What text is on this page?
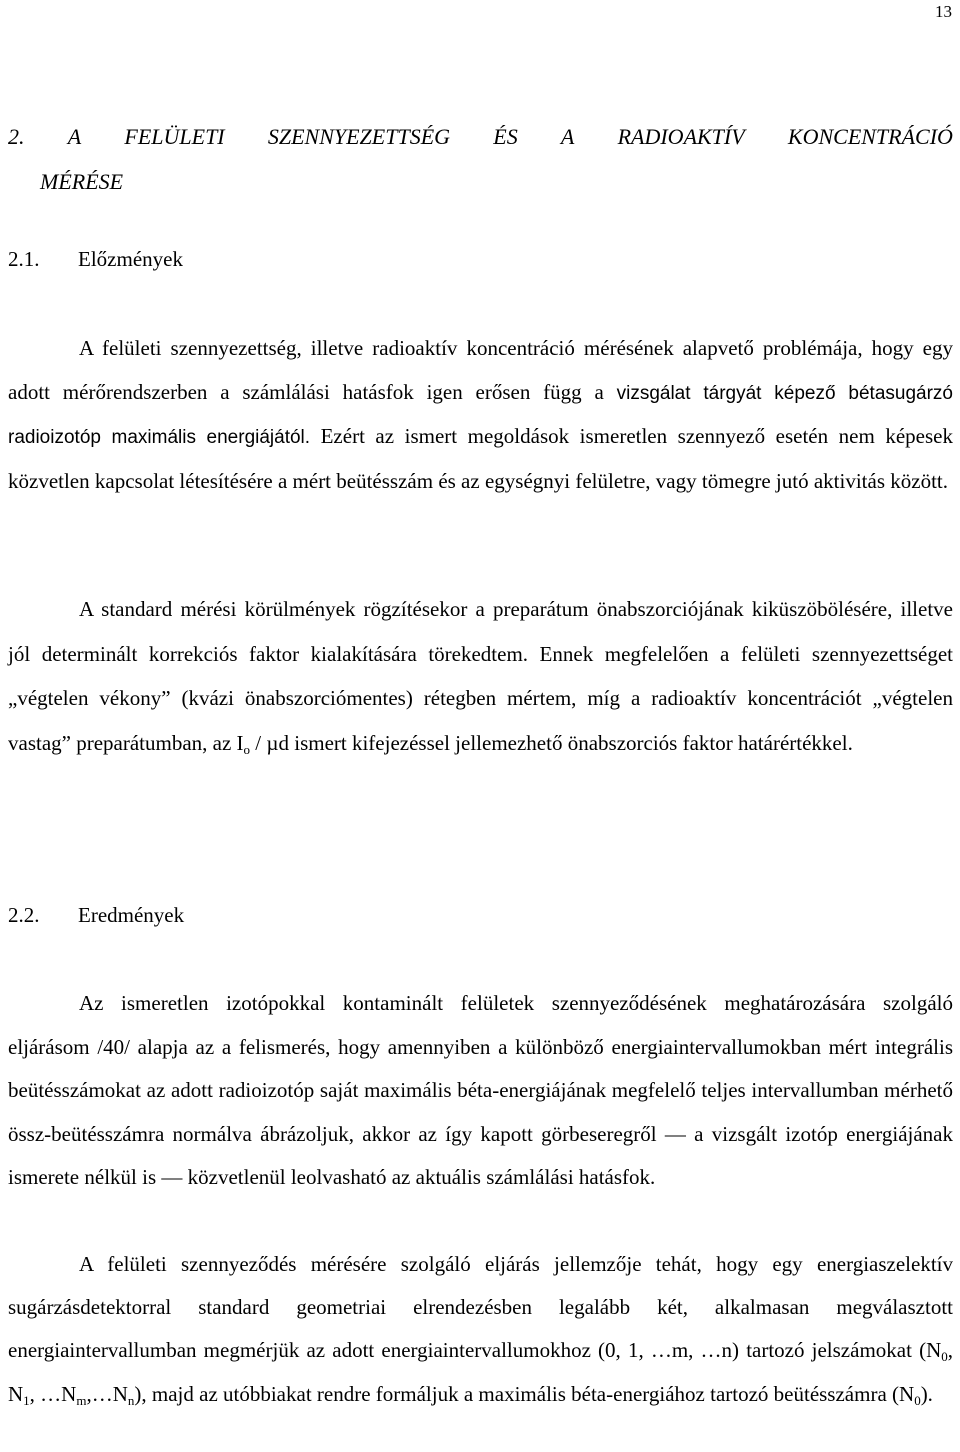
13
2. A FELÜLETI SZENNYEZETTSÉG ÉS A RADIOAKTÍV KONCENTRÁCIÓ
MÉRÉSE
2.1. Előzmények
A felületi szennyezettség, illetve radioaktív koncentráció mérésének alapvető problémája, hogy egy adott mérőrendszerben a számlálási hatásfok igen erősen függ a vizsgálat tárgyát képező bétasugárzó radioizotóp maximális energiájától. Ezért az ismert megoldások ismeretlen szennyező esetén nem képesek közvetlen kapcsolat létesítésére a mért beütésszám és az egységnyi felületre, vagy tömegre jutó aktivitás között.
A standard mérési körülmények rögzítésekor a preparátum önabszorciójának kiküszöbölésére, illetve jól determinált korrekciós faktor kialakítására törekedtem. Ennek megfelelően a felületi szennyezettséget „végtelen vékony” (kvázi önabszorciómentes) rétegben mértem, míg a radioaktív koncentrációt „végtelen vastag” preparátumban, az $I_o$ / µd ismert kifejezéssel jellemezhető önabszorciós faktor határértékkel.
2.2. Eredmények
Az ismeretlen izotópokkal kontaminált felületek szennyeződésének meghatározására szolgáló eljárásom /40/ alapja az a felismerés, hogy amennyiben a különböző energiaintervallumokban mért integrális beütésszámokat az adott radioizotóp saját maximális béta-energiájának megfelelő teljes intervallumban mérhető össz-beütésszámra normálva ábrázoljuk, akkor az így kapott görbeseregről — a vizsgált izotóp energiájának ismerete nélkül is — közvetlenül leolvasható az aktuális számlálási hatásfok.
A felületi szennyeződés mérésére szolgáló eljárás jellemzője tehát, hogy egy energiaszelektív sugárzásdetektorral standard geometriai elrendezésben legalább két, alkalmasan megválasztott energiaintervallumban megmérjük az adott energiaintervallumokhoz (0, 1, …m, …n) tartozó jelszámokat ($N_0$, $N_1$, $\dots N_m,\dots N_n$), majd az utóbbiakat rendre formáljuk a maximális béta-energiához tartozó beütésszámra $(N_0)$.
